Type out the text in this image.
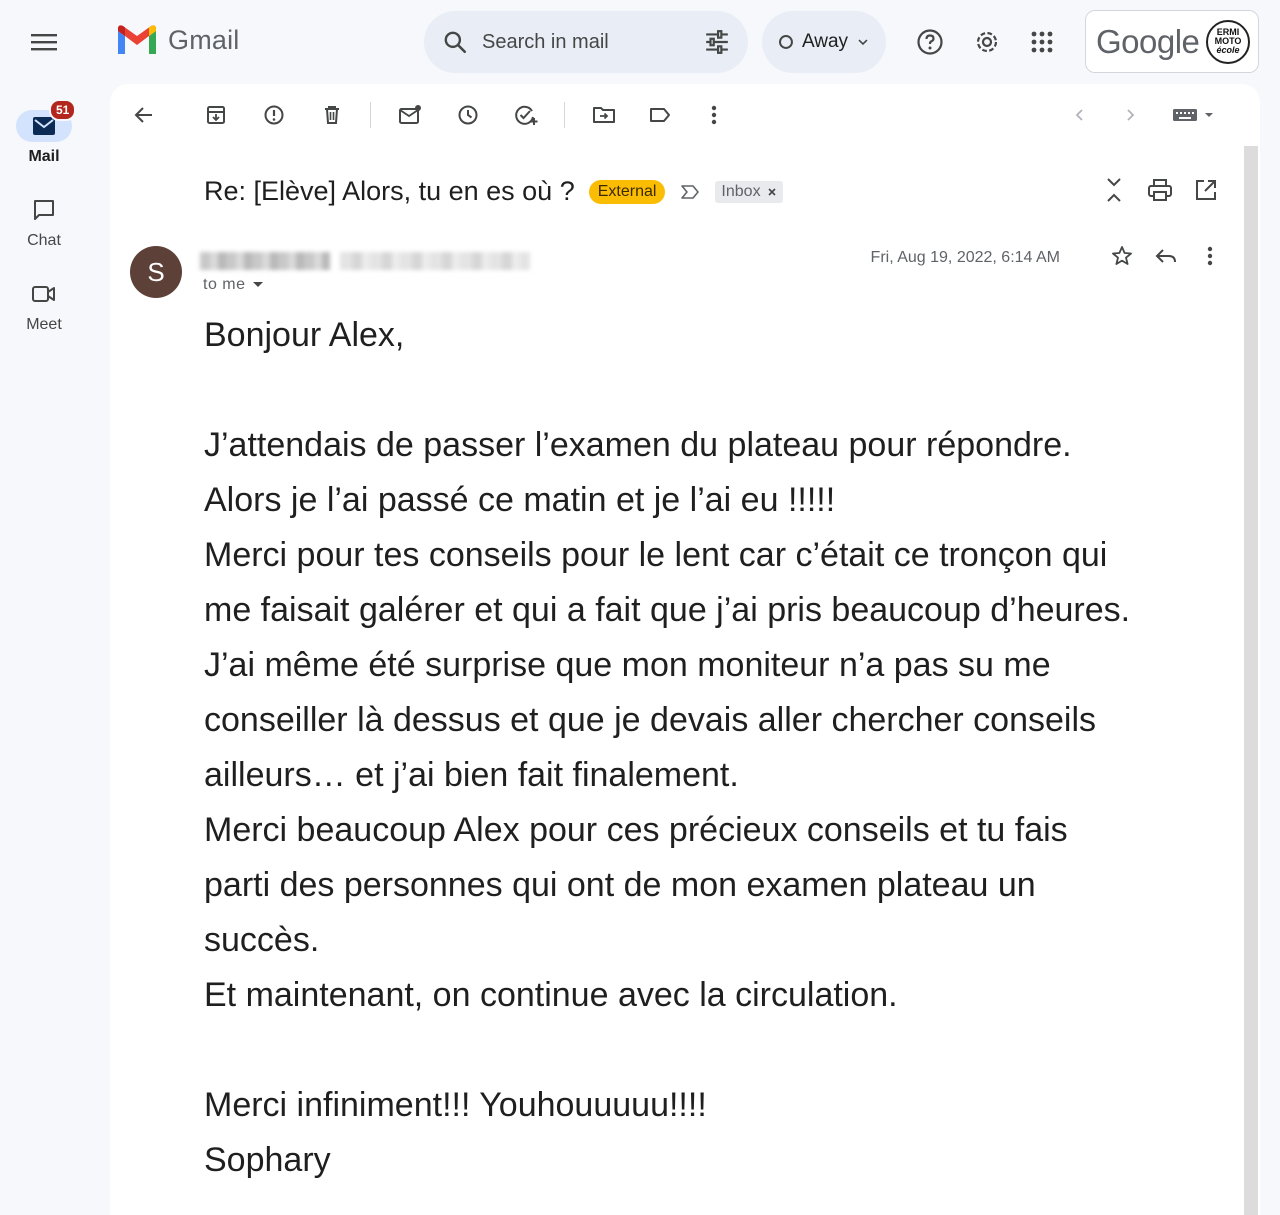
Gmail	Search in mail	Away	Google ERMI
MOTO
école
51
Mail
Chat
Meet
Re: [Elève] Alors, tu en es où ?	External	Inbox
S	to me
Fri, Aug 19, 2022, 6:14 AM

Bonjour Alex,

J’attendais de passer l’examen du plateau pour répondre.

Alors je l’ai passé ce matin et je l’ai eu !!!!!

Merci pour tes conseils pour le lent car c’était ce tronçon qui

me faisait galérer et qui a fait que j’ai pris beaucoup d’heures.

J’ai même été surprise que mon moniteur n’a pas su me

conseiller là dessus et que je devais aller chercher conseils

ailleurs… et j’ai bien fait finalement.

Merci beaucoup Alex pour ces précieux conseils et tu fais

parti des personnes qui ont de mon examen plateau un

succès.

Et maintenant, on continue avec la circulation.

Merci infiniment!!! Youhouuuuu!!!!

Sophary
